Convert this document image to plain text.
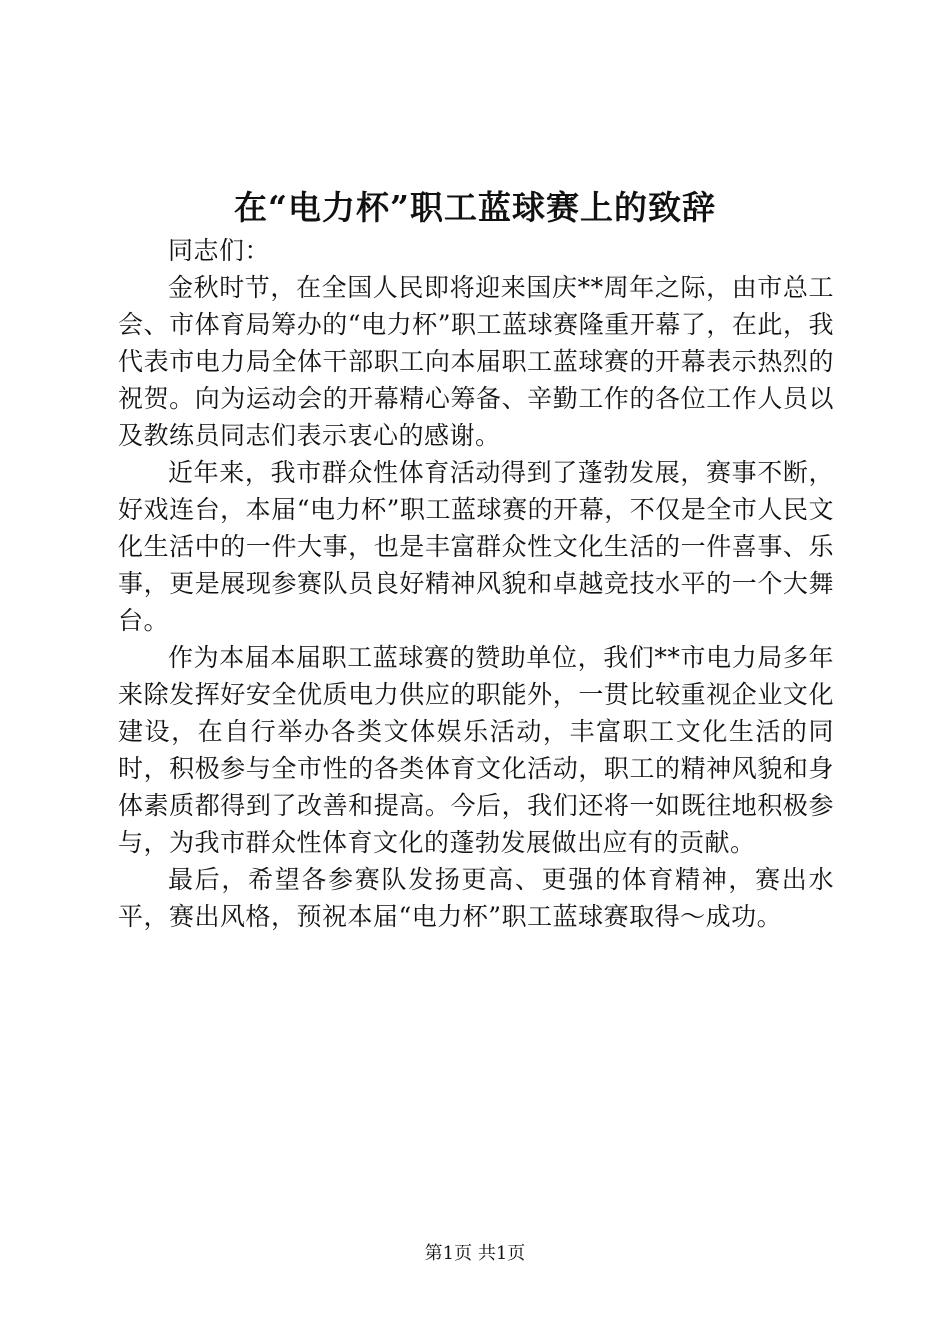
在“电力杯”职工蓝球赛上的致辞

同志们：

金秋时节，在全国人民即将迎来国庆**周年之际，由市总工会、市体育局筹办的“电力杯”职工蓝球赛隆重开幕了，在此，我代表市电力局全体干部职工向本届职工蓝球赛的开幕表示热烈的祝贺。向为运动会的开幕精心筹备、辛勤工作的各位工作人员以及教练员同志们表示衷心的感谢。

近年来，我市群众性体育活动得到了蓬勃发展，赛事不断，好戏连台，本届“电力杯”职工蓝球赛的开幕，不仅是全市人民文化生活中的一件大事，也是丰富群众性文化生活的一件喜事、乐事，更是展现参赛队员良好精神风貌和卓越竞技水平的一个大舞台。

作为本届本届职工蓝球赛的赞助单位，我们**市电力局多年来除发挥好安全优质电力供应的职能外，一贯比较重视企业文化建设，在自行举办各类文体娱乐活动，丰富职工文化生活的同时，积极参与全市性的各类体育文化活动，职工的精神风貌和身体素质都得到了改善和提高。今后，我们还将一如既往地积极参与，为我市群众性体育文化的蓬勃发展做出应有的贡献。

最后，希望各参赛队发扬更高、更强的体育精神，赛出水平，赛出风格，预祝本届“电力杯”职工蓝球赛取得～成功。

第1页 共1页
